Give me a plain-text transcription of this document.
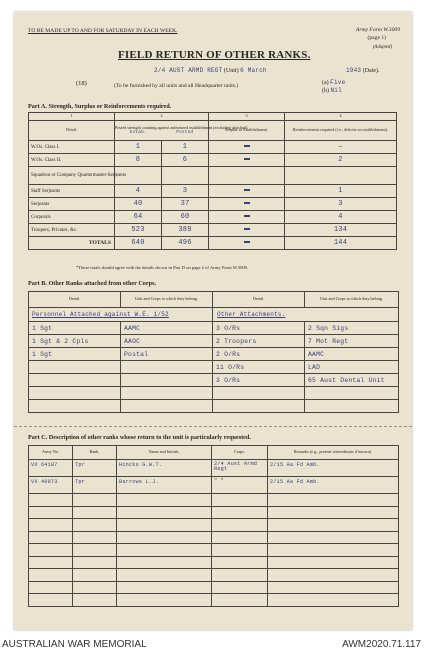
TO BE MADE UP TO AND FOR SATURDAY IN EACH WEEK.	Army Form W.3009
(page 1)
(Adapted)
FIELD RETURN OF OTHER RANKS.
2/4 AUST ARMD REGT (Unit) 6 March	1943 (Date).
(18)	(To be furnished by all units and all Headquarter units.)	(a) Five
(b) Nil
Part A. Strength, Surplus or Reinforcements required.
1	2		3	4
Detail.	Posted strength counting against authorized establishment (excluding attached).
Estab. Posted		Surplus to Establishment.	Reinforcements required (i.e., deficits on establishment).
W.Os. Class I.	1	1		–
W.Os. Class II.	8	6		2
Squadron or Company Quartermaster-Serjeants				
Staff Serjeants	4	3		1
Serjeants	40	37		3
Corporals	64	60		4
Troopers, Privates, &c.	523	389		134
TOTALS	640	496		144
*These totals should agree with the details shown in Part D on page 2 of Army Form W.3009.
Part B. Other Ranks attached from other Corps.
Detail.	Unit and Corps to which they belong.	Detail.	Unit and Corps to which they belong.
Personnel Attached against W.E. 1/52		Other Attachments.	
1 Sgt	AAMC	3 O/Rs	2 Sqn Sigs
1 Sgt & 2 Cpls	AAOC	2 Troopers	7 Mot Regt
1 Sgt	Postal	2 O/Rs	AAMC
		11 O/Rs	LAD
		3 O/Rs	65 Aust Dental Unit

Part C. Description of other ranks whose return to the unit is particularly requested.
Army No.	Rank.	Name and Initials.	Corps.	Remarks (e.g., present whereabouts if known).
VX 64187	Tpr	Hincks G.W.T.	2/4 Aust Armd Regt	2/15 Aa Fd Amb.
VX 40073	Tpr	Barrows L.J.	" "	2/15 Aa Fd Amb.

AUSTRALIAN WAR MEMORIAL	AWM2020.71.117
